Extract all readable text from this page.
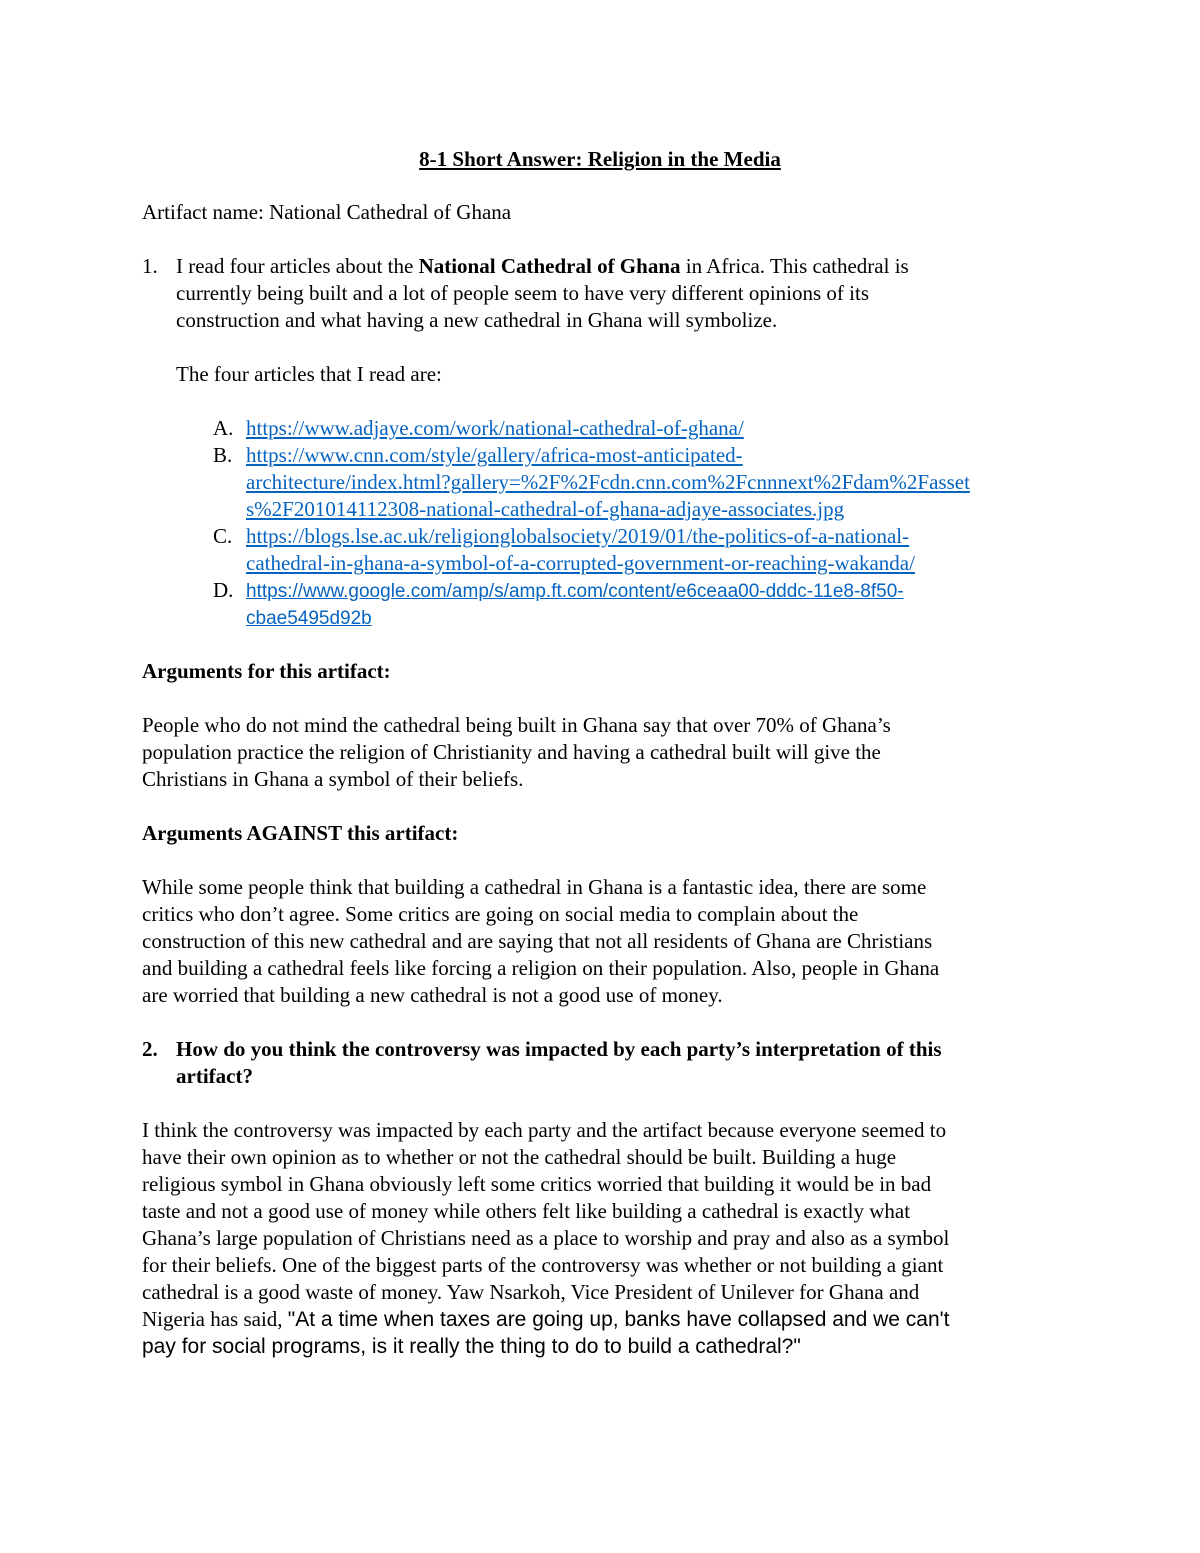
8-1 Short Answer: Religion in the Media
Artifact name: National Cathedral of Ghana
1. I read four articles about the National Cathedral of Ghana in Africa. This cathedral is
currently being built and a lot of people seem to have very different opinions of its
construction and what having a new cathedral in Ghana will symbolize.
The four articles that I read are:
A. https://www.adjaye.com/work/national-cathedral-of-ghana/
B. https://www.cnn.com/style/gallery/africa-most-anticipated-
architecture/index.html?gallery=%2F%2Fcdn.cnn.com%2Fcnnnext%2Fdam%2Fasset
s%2F201014112308-national-cathedral-of-ghana-adjaye-associates.jpg
C. https://blogs.lse.ac.uk/religionglobalsociety/2019/01/the-politics-of-a-national-
cathedral-in-ghana-a-symbol-of-a-corrupted-government-or-reaching-wakanda/
D. https://www.google.com/amp/s/amp.ft.com/content/e6ceaa00-dddc-11e8-8f50-
cbae5495d92b
Arguments for this artifact:
People who do not mind the cathedral being built in Ghana say that over 70% of Ghana’s
population practice the religion of Christianity and having a cathedral built will give the
Christians in Ghana a symbol of their beliefs.
Arguments AGAINST this artifact:
While some people think that building a cathedral in Ghana is a fantastic idea, there are some
critics who don’t agree. Some critics are going on social media to complain about the
construction of this new cathedral and are saying that not all residents of Ghana are Christians
and building a cathedral feels like forcing a religion on their population. Also, people in Ghana
are worried that building a new cathedral is not a good use of money.
2. How do you think the controversy was impacted by each party’s interpretation of this
artifact?
I think the controversy was impacted by each party and the artifact because everyone seemed to
have their own opinion as to whether or not the cathedral should be built. Building a huge
religious symbol in Ghana obviously left some critics worried that building it would be in bad
taste and not a good use of money while others felt like building a cathedral is exactly what
Ghana’s large population of Christians need as a place to worship and pray and also as a symbol
for their beliefs. One of the biggest parts of the controversy was whether or not building a giant
cathedral is a good waste of money. Yaw Nsarkoh, Vice President of Unilever for Ghana and
Nigeria has said, "At a time when taxes are going up, banks have collapsed and we can't
pay for social programs, is it really the thing to do to build a cathedral?"
